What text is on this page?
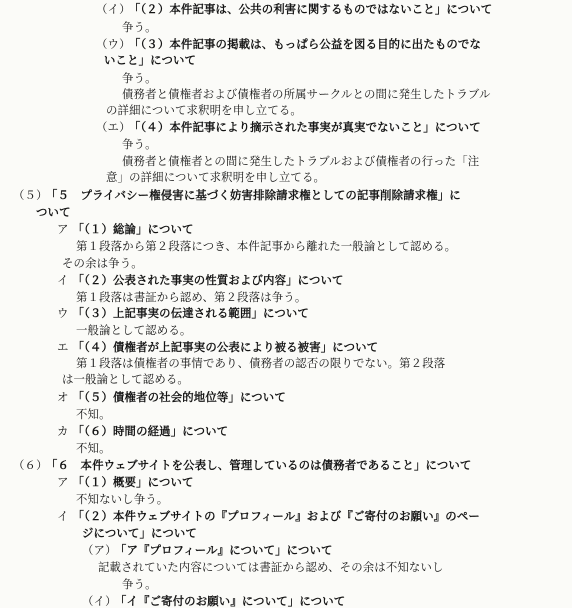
（イ） 「（２）本件記事は、公共の利害に関するものではないこと」について
争う。
（ウ） 「（３）本件記事の掲載は、もっぱら公益を図る目的に出たものでな
いこと」について
争う。
債務者と債権者および債権者の所属サークルとの間に発生したトラブル
の詳細について求釈明を申し立てる。
（エ） 「（４）本件記事により摘示された事実が真実でないこと」について
争う。
債務者と債権者との間に発生したトラブルおよび債権者の行った「注
意」の詳細について求釈明を申し立てる。
（５） 「５　プライバシー権侵害に基づく妨害排除請求権としての記事削除請求権」に
ついて
ア 「（１）総論」について
第１段落から第２段落につき、本件記事から離れた一般論として認める。
その余は争う。
イ 「（２）公表された事実の性質および内容」について
第１段落は書証から認め、第２段落は争う。
ウ 「（３）上記事実の伝達される範囲」について
一般論として認める。
エ 「（４）債権者が上記事実の公表により被る被害」について
第１段落は債権者の事情であり、債務者の認否の限りでない。第２段落
は一般論として認める。
オ 「（５）債権者の社会的地位等」について
不知。
カ 「（６）時間の経過」について
不知。
（６） 「６　本件ウェブサイトを公表し、管理しているのは債務者であること」について
ア 「（１）概要」について
不知ないし争う。
イ 「（２）本件ウェブサイトの『プロフィール』および『ご寄付のお願い』のペー
ジについて」について
（ア） 「ア『プロフィール』について」について
記載されていた内容については書証から認め、その余は不知ないし
争う。
（イ） 「イ『ご寄付のお願い』について」について
